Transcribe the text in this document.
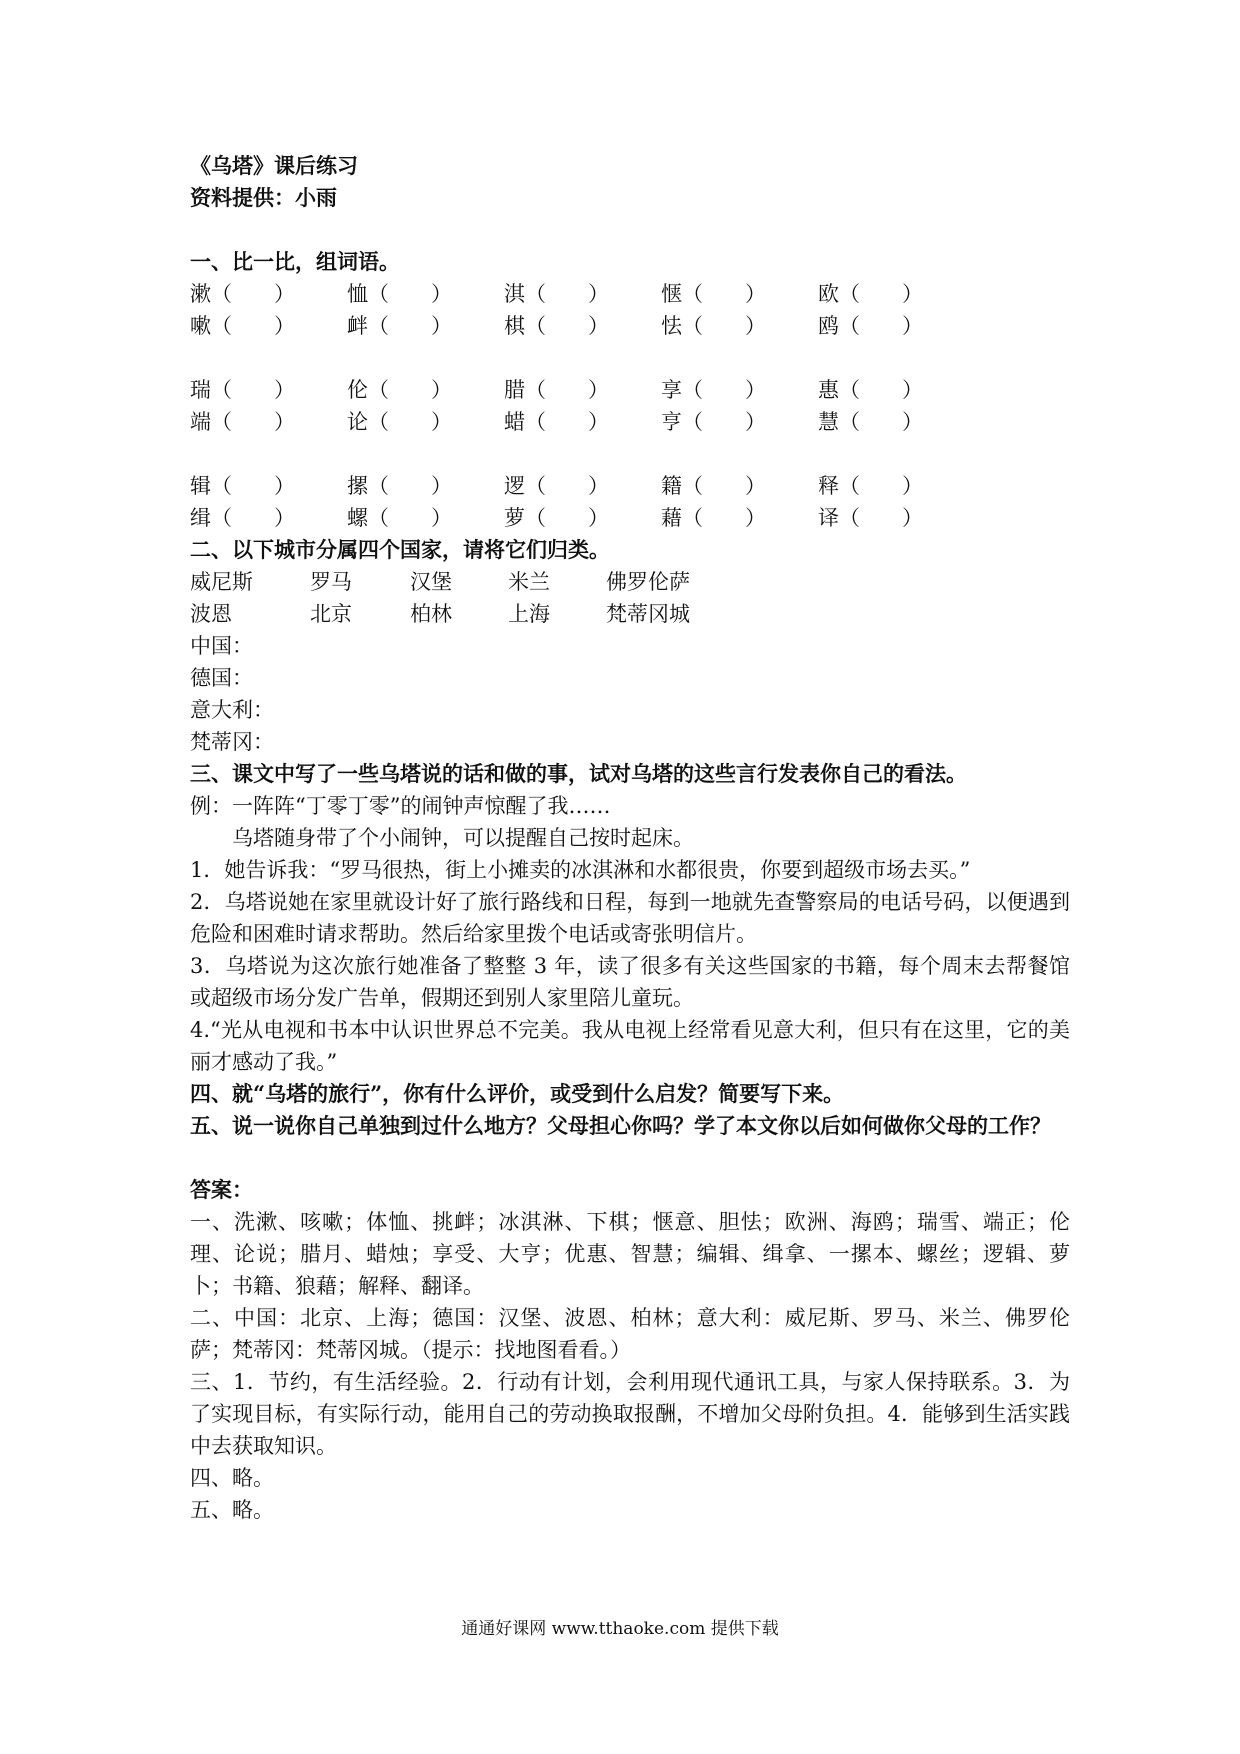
《乌塔》课后练习
资料提供：小雨
一、比一比，组词语。
漱（　　）	恤（　　）	淇（　　）	惬（　　）	欧（　　）
嗽（　　）	衅（　　）	棋（　　）	怯（　　）	鸥（　　）
瑞（　　）	伦（　　）	腊（　　）	享（　　）	惠（　　）
端（　　）	论（　　）	蜡（　　）	亨（　　）	慧（　　）
辑（　　）	摞（　　）	逻（　　）	籍（　　）	释（　　）
缉（　　）	螺（　　）	萝（　　）	藉（　　）	译（　　）
二、以下城市分属四个国家，请将它们归类。
威尼斯	罗马	汉堡	米兰	佛罗伦萨
波恩	北京	柏林	上海	梵蒂冈城
中国：
德国：
意大利：
梵蒂冈：
三、课文中写了一些乌塔说的话和做的事，试对乌塔的这些言行发表你自己的看法。
例：一阵阵“丁零丁零”的闹钟声惊醒了我……
乌塔随身带了个小闹钟，可以提醒自己按时起床。
1．她告诉我：“罗马很热，街上小摊卖的冰淇淋和水都很贵，你要到超级市场去买。”
2．乌塔说她在家里就设计好了旅行路线和日程，每到一地就先查警察局的电话号码，以便遇到危险和困难时请求帮助。然后给家里拨个电话或寄张明信片。
3．乌塔说为这次旅行她准备了整整 3 年，读了很多有关这些国家的书籍，每个周末去帮餐馆或超级市场分发广告单，假期还到别人家里陪儿童玩。
4.“光从电视和书本中认识世界总不完美。我从电视上经常看见意大利，但只有在这里，它的美丽才感动了我。”
四、就“乌塔的旅行”，你有什么评价，或受到什么启发？简要写下来。
五、说一说你自己单独到过什么地方？父母担心你吗？学了本文你以后如何做你父母的工作？
答案：
一、洗漱、咳嗽；体恤、挑衅；冰淇淋、下棋；惬意、胆怯；欧洲、海鸥；瑞雪、端正；伦理、论说；腊月、蜡烛；享受、大亨；优惠、智慧；编辑、缉拿、一摞本、螺丝；逻辑、萝卜；书籍、狼藉；解释、翻译。
二、中国：北京、上海；德国：汉堡、波恩、柏林；意大利：威尼斯、罗马、米兰、佛罗伦萨；梵蒂冈：梵蒂冈城。（提示：找地图看看。）
三、1．节约，有生活经验。2．行动有计划，会利用现代通讯工具，与家人保持联系。3．为了实现目标，有实际行动，能用自己的劳动换取报酬，不增加父母附负担。4．能够到生活实践中去获取知识。
四、略。
五、略。
通通好课网 www.tthaoke.com 提供下载
